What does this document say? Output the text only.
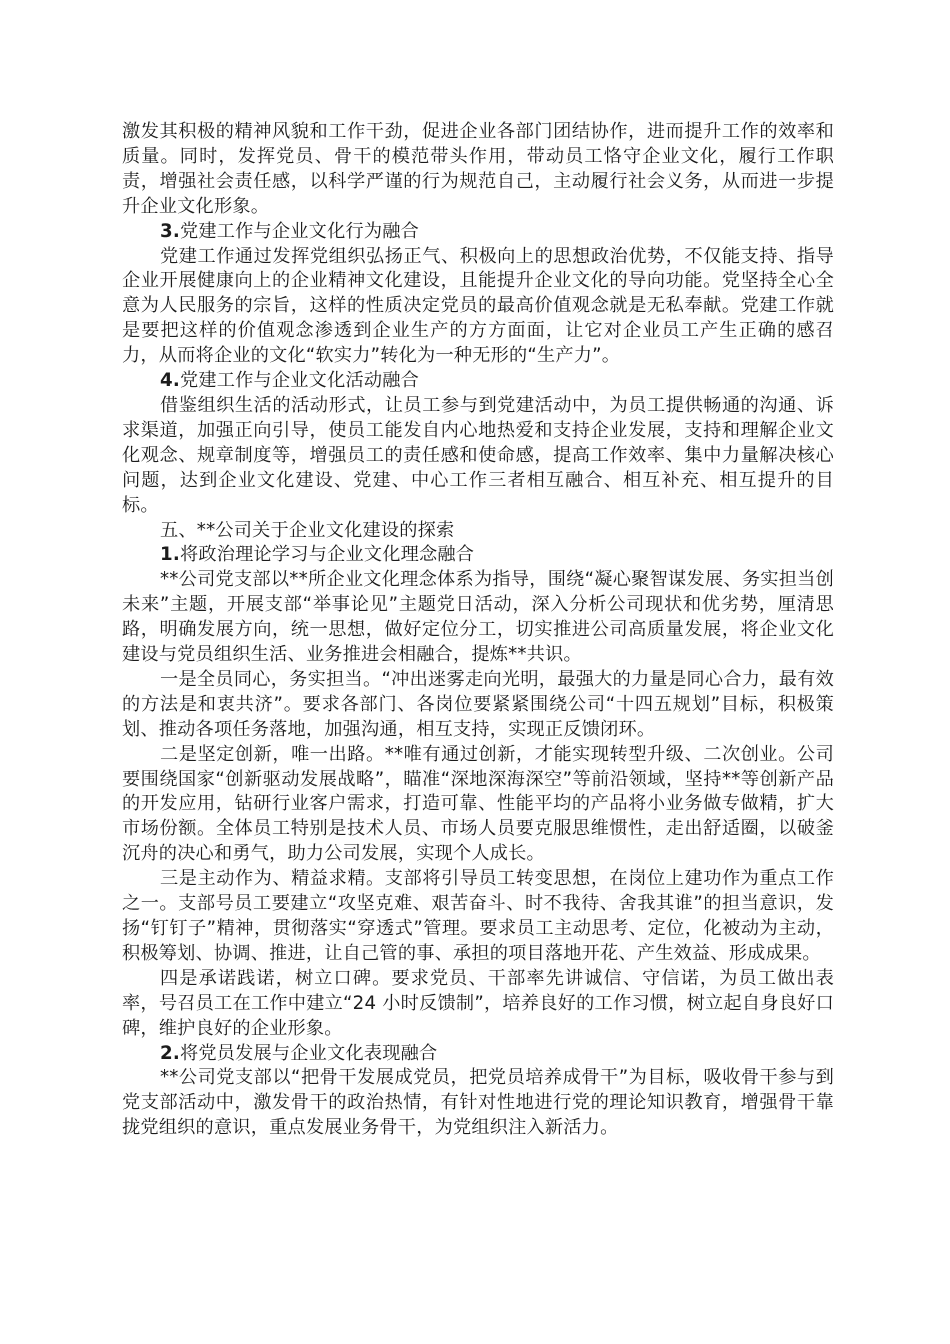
激发其积极的精神风貌和工作干劲，促进企业各部门团结协作，进而提升工作的效率和质量。同时，发挥党员、骨干的模范带头作用，带动员工恪守企业文化，履行工作职责，增强社会责任感，以科学严谨的行为规范自己，主动履行社会义务，从而进一步提升企业文化形象。

3.党建工作与企业文化行为融合

党建工作通过发挥党组织弘扬正气、积极向上的思想政治优势，不仅能支持、指导企业开展健康向上的企业精神文化建设，且能提升企业文化的导向功能。党坚持全心全意为人民服务的宗旨，这样的性质决定党员的最高价值观念就是无私奉献。党建工作就是要把这样的价值观念渗透到企业生产的方方面面，让它对企业员工产生正确的感召力，从而将企业的文化“软实力”转化为一种无形的“生产力”。

4.党建工作与企业文化活动融合

借鉴组织生活的活动形式，让员工参与到党建活动中，为员工提供畅通的沟通、诉求渠道，加强正向引导，使员工能发自内心地热爱和支持企业发展，支持和理解企业文化观念、规章制度等，增强员工的责任感和使命感，提高工作效率、集中力量解决核心问题，达到企业文化建设、党建、中心工作三者相互融合、相互补充、相互提升的目标。

五、**公司关于企业文化建设的探索

1.将政治理论学习与企业文化理念融合

**公司党支部以**所企业文化理念体系为指导，围绕“凝心聚智谋发展、务实担当创未来”主题，开展支部“举事论见”主题党日活动，深入分析公司现状和优劣势，厘清思路，明确发展方向，统一思想，做好定位分工，切实推进公司高质量发展，将企业文化建设与党员组织生活、业务推进会相融合，提炼**共识。

一是全员同心，务实担当。“冲出迷雾走向光明，最强大的力量是同心合力，最有效的方法是和衷共济”。要求各部门、各岗位要紧紧围绕公司“十四五规划”目标，积极策划、推动各项任务落地，加强沟通，相互支持，实现正反馈闭环。

二是坚定创新，唯一出路。**唯有通过创新，才能实现转型升级、二次创业。公司要围绕国家“创新驱动发展战略”，瞄准“深地深海深空”等前沿领域，坚持**等创新产品的开发应用，钻研行业客户需求，打造可靠、性能平均的产品将小业务做专做精，扩大市场份额。全体员工特别是技术人员、市场人员要克服思维惯性，走出舒适圈，以破釜沉舟的决心和勇气，助力公司发展，实现个人成长。

三是主动作为、精益求精。支部将引导员工转变思想，在岗位上建功作为重点工作之一。支部号员工要建立“攻坚克难、艰苦奋斗、时不我待、舍我其谁”的担当意识，发扬“钉钉子”精神，贯彻落实“穿透式”管理。要求员工主动思考、定位，化被动为主动，积极筹划、协调、推进，让自己管的事、承担的项目落地开花、产生效益、形成成果。

四是承诺践诺，树立口碑。要求党员、干部率先讲诚信、守信诺，为员工做出表率，号召员工在工作中建立“24 小时反馈制”，培养良好的工作习惯，树立起自身良好口碑，维护良好的企业形象。

2.将党员发展与企业文化表现融合

**公司党支部以“把骨干发展成党员，把党员培养成骨干”为目标，吸收骨干参与到党支部活动中，激发骨干的政治热情，有针对性地进行党的理论知识教育，增强骨干靠拢党组织的意识，重点发展业务骨干，为党组织注入新活力。
